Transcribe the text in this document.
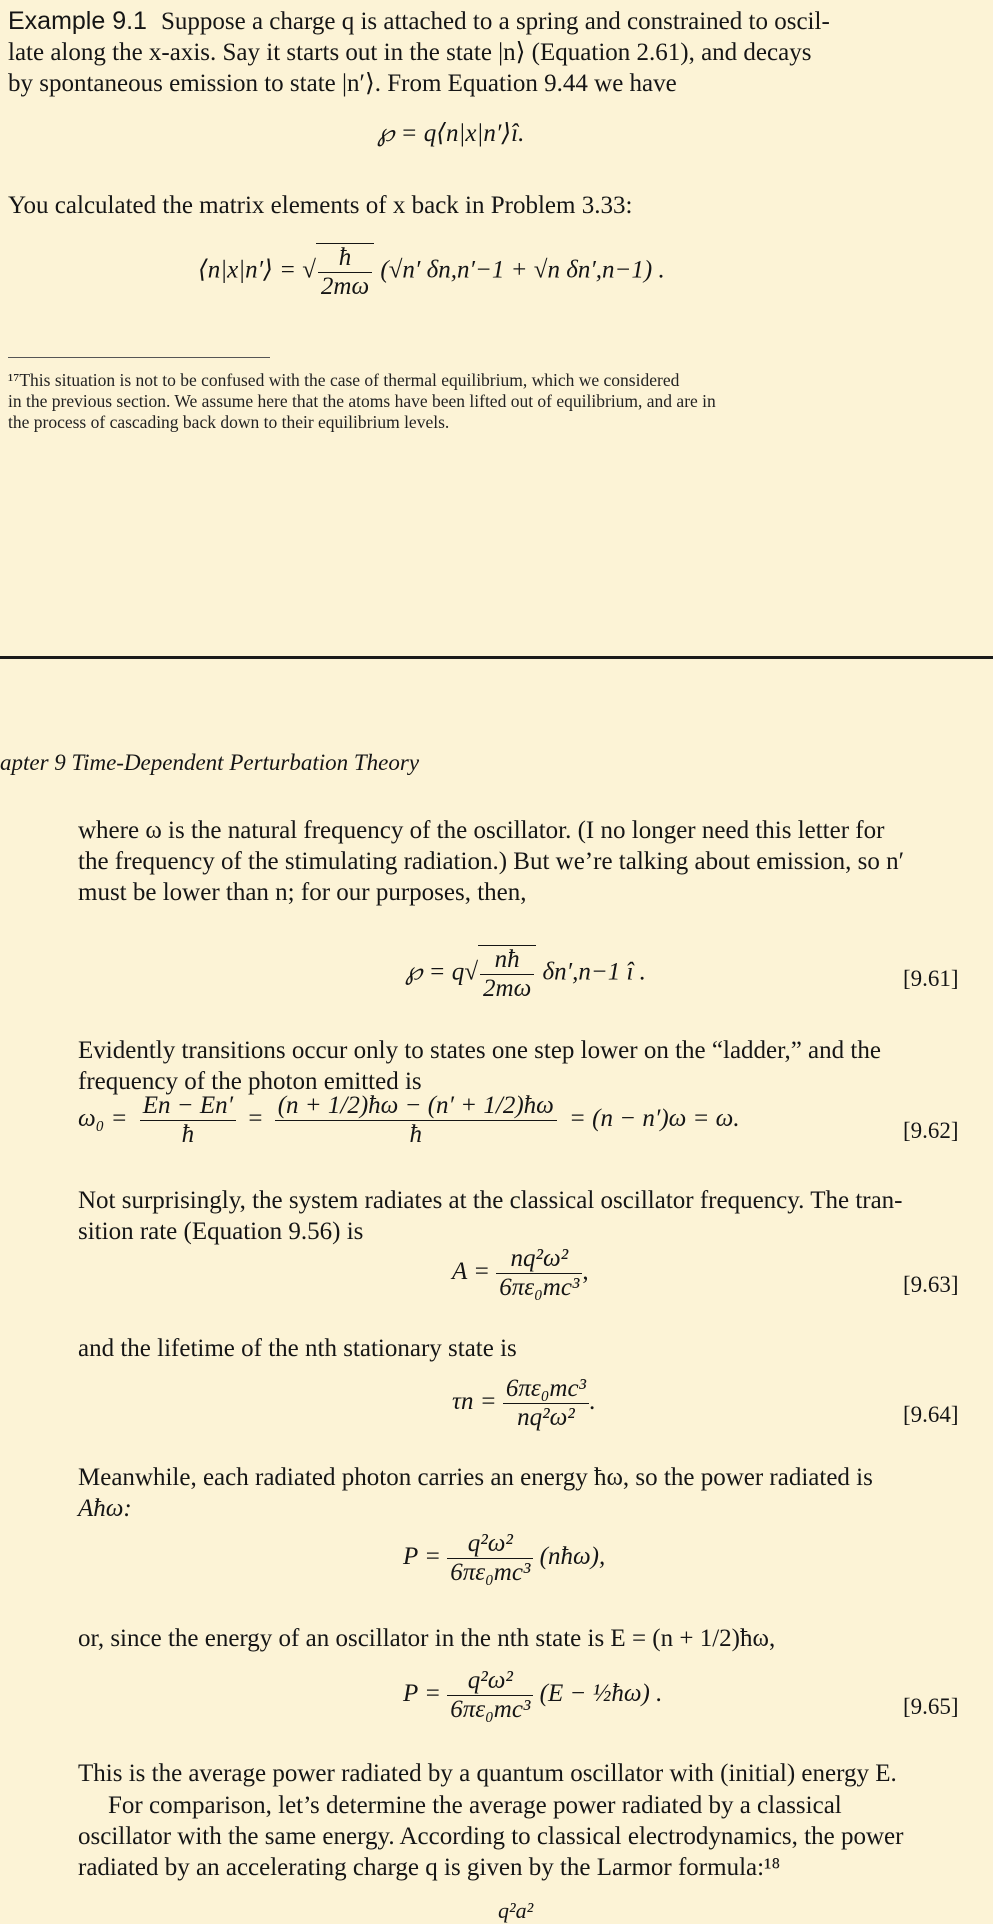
Example 9.1 Suppose a charge q is attached to a spring and constrained to oscil-
late along the x-axis. Say it starts out in the state |n⟩ (Equation 2.61), and decays
by spontaneous emission to state |n′⟩. From Equation 9.44 we have
℘ = q⟨n|x|n′⟩î.
You calculated the matrix elements of x back in Problem 3.33:
⟨n|x|n′⟩ = √ $\frac{ħ}{2m\omega} (√n'$ δn,n′−1 + √n δn′,n−1) .
¹⁷This situation is not to be confused with the case of thermal equilibrium, which we considered
in the previous section. We assume here that the atoms have been lifted out of equilibrium, and are in
the process of cascading back down to their equilibrium levels.
apter 9 Time-Dependent Perturbation Theory
where ω is the natural frequency of the oscillator. (I no longer need this letter for
the frequency of the stimulating radiation.) But we’re talking about emission, so n′
must be lower than n; for our purposes, then,
℘ = $q√ \frac{nħ}{2m\omega} \delta n',n-1$ î .	[9.61]
Evidently transitions occur only to states one step lower on the “ladder,” and the
frequency of the photon emitted is
$\omega_0 = \frac{En - En'}{ħ} = \frac{(n + 1/2)ħ\omega - (n' + 1/2)ħ\omega}{ħ} = (n - n')\omega = \omega$.	[9.62]
Not surprisingly, the system radiates at the classical oscillator frequency. The tran-
sition rate (Equation 9.56) is
$A = \frac{\text{nq²ω²}}{\text{6πε₀mc³}}$ ,	[9.63]
and the lifetime of the nth stationary state is
$\tau n = \frac{\text{6πε₀mc³}}{\text{nq²ω²}}$ .	[9.64]
Meanwhile, each radiated photon carries an energy ħω, so the power radiated is
Aħω:
$P = \frac{\text{q²ω²}}{\text{6πε₀mc³}}$ (nħω),
or, since the energy of an oscillator in the nth state is E = (n + 1/2)ħω,
$P = \frac{\text{q²ω²}}{\text{6πε₀mc³}} (E$ − ½ħω) .	[9.65]
This is the average power radiated by a quantum oscillator with (initial) energy E.
For comparison, let’s determine the average power radiated by a classical
oscillator with the same energy. According to classical electrodynamics, the power
radiated by an accelerating charge q is given by the Larmor formula:¹⁸
q²a²
